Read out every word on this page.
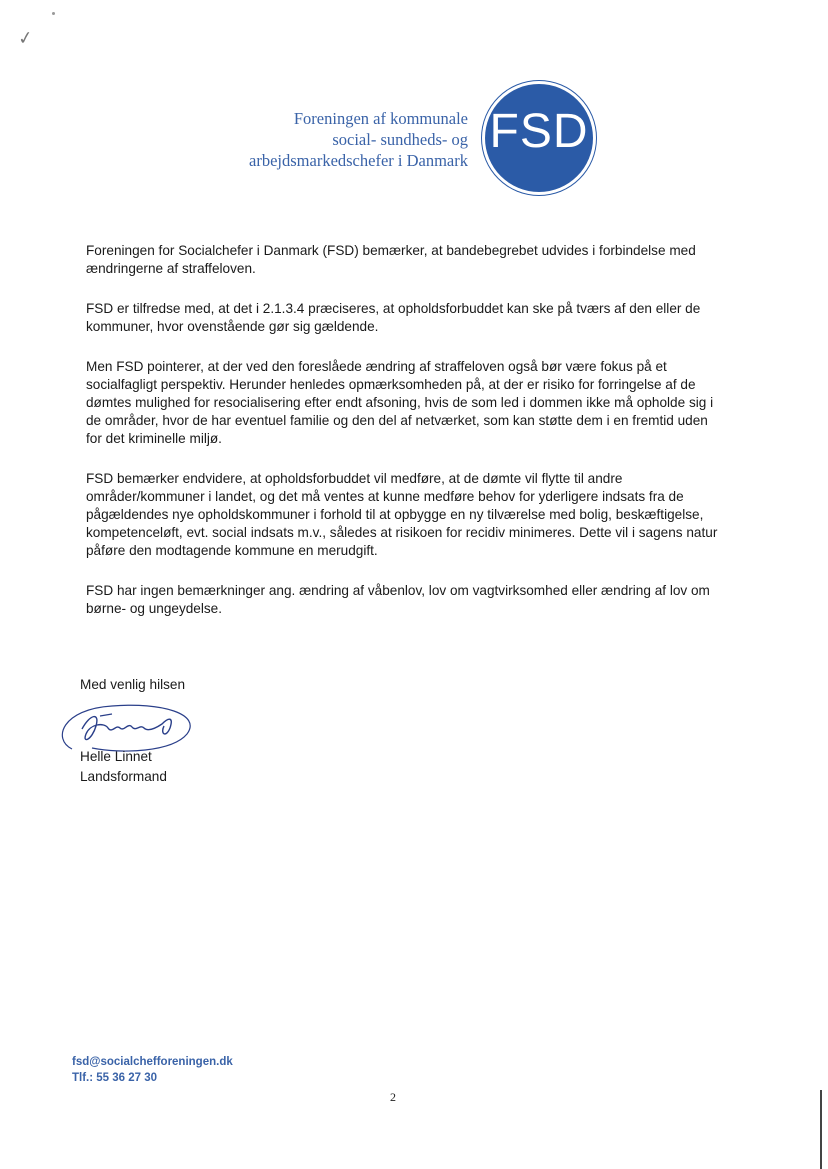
✓
Foreningen af kommunale
social- sundheds- og
arbejdsmarkedschefer i Danmark
FSD

Foreningen for Socialchefer i Danmark (FSD) bemærker, at bandebegrebet udvides i forbindelse med ændringerne af straffeloven.

FSD er tilfredse med, at det i 2.1.3.4 præciseres, at opholdsforbuddet kan ske på tværs af den eller de kommuner, hvor ovenstående gør sig gældende.

Men FSD pointerer, at der ved den foreslåede ændring af straffeloven også bør være fokus på et socialfagligt perspektiv. Herunder henledes opmærksomheden på, at der er risiko for forringelse af de dømtes mulighed for resocialisering efter endt afsoning, hvis de som led i dommen ikke må opholde sig i de områder, hvor de har eventuel familie og den del af netværket, som kan støtte dem i en fremtid uden for det kriminelle miljø.

FSD bemærker endvidere, at opholdsforbuddet vil medføre, at de dømte vil flytte til andre områder/kommuner i landet, og det må ventes at kunne medføre behov for yderligere indsats fra de pågældendes nye opholdskommuner i forhold til at opbygge en ny tilværelse med bolig, beskæftigelse, kompetenceløft, evt. social indsats m.v., således at risikoen for recidiv minimeres. Dette vil i sagens natur påføre den modtagende kommune en merudgift.

FSD har ingen bemærkninger ang. ændring af våbenlov, lov om vagtvirksomhed eller ændring af lov om børne- og ungeydelse.

Med venlig hilsen
Helle Linnet
Landsformand
fsd@socialchefforeningen.dk
Tlf.: 55 36 27 30
2
